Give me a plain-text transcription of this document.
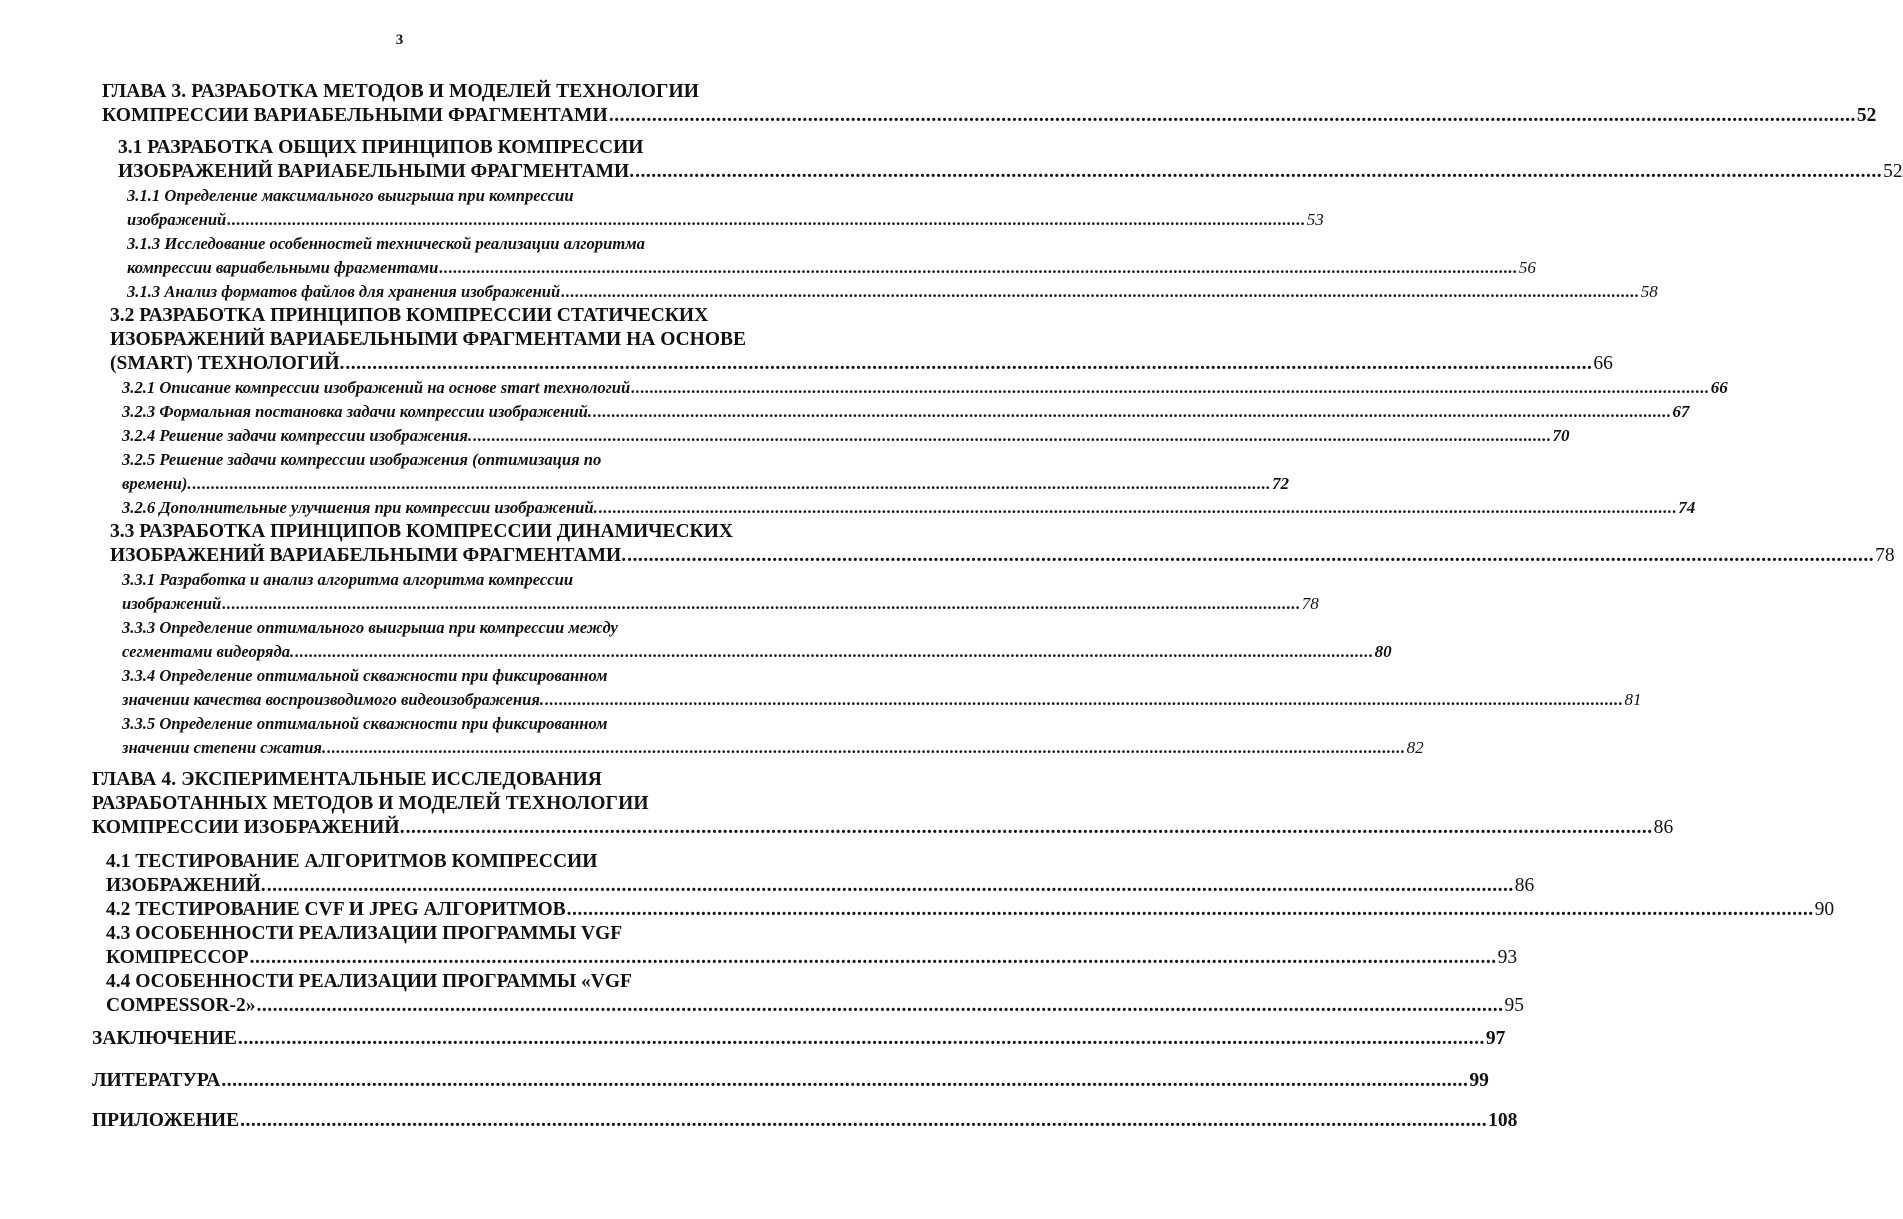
3
ГЛАВА 3. РАЗРАБОТКА МЕТОДОВ И МОДЕЛЕЙ ТЕХНОЛОГИИ
КОМПРЕССИИ ВАРИАБЕЛЬНЫМИ ФРАГМЕНТАМИ ........................................................................................................................................................................................................................................ 52
3.1 РАЗРАБОТКА ОБЩИХ ПРИНЦИПОВ КОМПРЕССИИ
ИЗОБРАЖЕНИЙ ВАРИАБЕЛЬНЫМИ ФРАГМЕНТАМИ. ........................................................................................................................................................................................................................................ 52
3.1.1 Определение максимального выигрыша при компрессии
изображений ........................................................................................................................................................................................................................................ 53
3.1.3 Исследование особенностей технической реализации алгоритма
компрессии вариабельными фрагментами ........................................................................................................................................................................................................................................ 56
3.1.3 Анализ форматов файлов для хранения изображений ........................................................................................................................................................................................................................................ 58
3.2 РАЗРАБОТКА ПРИНЦИПОВ КОМПРЕССИИ СТАТИЧЕСКИХ
ИЗОБРАЖЕНИЙ ВАРИАБЕЛЬНЫМИ ФРАГМЕНТАМИ НА ОСНОВЕ
(SMART) ТЕХНОЛОГИЙ. ........................................................................................................................................................................................................................................ 66
3.2.1 Описание компрессии изображений на основе smart технологий ........................................................................................................................................................................................................................................ 66
3.2.3 Формальная постановка задачи компрессии изображений. ........................................................................................................................................................................................................................................ 67
3.2.4 Решение задачи компрессии изображения. ........................................................................................................................................................................................................................................ 70
3.2.5 Решение задачи компрессии изображения (оптимизация по
времени). ........................................................................................................................................................................................................................................ 72
3.2.6 Дополнительные улучшения при компрессии изображений. ........................................................................................................................................................................................................................................ 74
3.3 РАЗРАБОТКА ПРИНЦИПОВ КОМПРЕССИИ ДИНАМИЧЕСКИХ
ИЗОБРАЖЕНИЙ ВАРИАБЕЛЬНЫМИ ФРАГМЕНТАМИ. ........................................................................................................................................................................................................................................ 78
3.3.1 Разработка и анализ алгоритма алгоритма компрессии
изображений ........................................................................................................................................................................................................................................ 78
3.3.3 Определение оптимального выигрыша при компрессии между
сегментами видеоряда. ........................................................................................................................................................................................................................................ 80
3.3.4 Определение оптимальной скважности при фиксированном
значении качества воспроизводимого видеоизображения. ........................................................................................................................................................................................................................................ 81
3.3.5 Определение оптимальной скважности при фиксированном
значении степени сжатия. ........................................................................................................................................................................................................................................ 82
ГЛАВА 4. ЭКСПЕРИМЕНТАЛЬНЫЕ ИССЛЕДОВАНИЯ
РАЗРАБОТАННЫХ МЕТОДОВ И МОДЕЛЕЙ ТЕХНОЛОГИИ
КОМПРЕССИИ ИЗОБРАЖЕНИЙ. ........................................................................................................................................................................................................................................ 86
4.1 ТЕСТИРОВАНИЕ АЛГОРИТМОВ КОМПРЕССИИ
ИЗОБРАЖЕНИЙ. ........................................................................................................................................................................................................................................ 86
4.2 ТЕСТИРОВАНИЕ CVF И JPEG АЛГОРИТМОВ ........................................................................................................................................................................................................................................ 90
4.3 ОСОБЕННОСТИ РЕАЛИЗАЦИИ ПРОГРАММЫ VGF
КОМПРЕССОР ........................................................................................................................................................................................................................................ 93
4.4 ОСОБЕННОСТИ РЕАЛИЗАЦИИ ПРОГРАММЫ «VGF
COMPESSOR-2» ........................................................................................................................................................................................................................................ 95
ЗАКЛЮЧЕНИЕ ........................................................................................................................................................................................................................................ 97
ЛИТЕРАТУРА ........................................................................................................................................................................................................................................ 99
ПРИЛОЖЕНИЕ ........................................................................................................................................................................................................................................ 108
